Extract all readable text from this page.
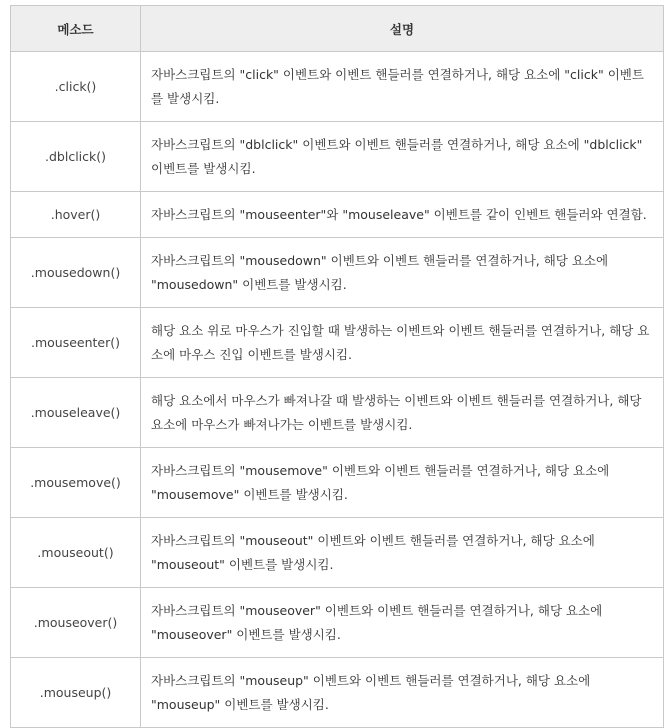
메소드	설명
.click()	자바스크립트의 "click" 이벤트와 이벤트 핸들러를 연결하거나, 해당 요소에 "click" 이벤트를 발생시킴.
.dblclick()	자바스크립트의 "dblclick" 이벤트와 이벤트 핸들러를 연결하거나, 해당 요소에 "dblclick" 이벤트를 발생시킴.
.hover()	자바스크립트의 "mouseenter"와 "mouseleave" 이벤트를 같이 인벤트 핸들러와 연결함.
.mousedown()	자바스크립트의 "mousedown" 이벤트와 이벤트 핸들러를 연결하거나, 해당 요소에 "mousedown" 이벤트를 발생시킴.
.mouseenter()	해당 요소 위로 마우스가 진입할 때 발생하는 이벤트와 이벤트 핸들러를 연결하거나, 해당 요소에 마우스 진입 이벤트를 발생시킴.
.mouseleave()	해당 요소에서 마우스가 빠져나갈 때 발생하는 이벤트와 이벤트 핸들러를 연결하거나, 해당 요소에 마우스가 빠져나가는 이벤트를 발생시킴.
.mousemove()	자바스크립트의 "mousemove" 이벤트와 이벤트 핸들러를 연결하거나, 해당 요소에 "mousemove" 이벤트를 발생시킴.
.mouseout()	자바스크립트의 "mouseout" 이벤트와 이벤트 핸들러를 연결하거나, 해당 요소에 "mouseout" 이벤트를 발생시킴.
.mouseover()	자바스크립트의 "mouseover" 이벤트와 이벤트 핸들러를 연결하거나, 해당 요소에 "mouseover" 이벤트를 발생시킴.
.mouseup()	자바스크립트의 "mouseup" 이벤트와 이벤트 핸들러를 연결하거나, 해당 요소에 "mouseup" 이벤트를 발생시킴.
